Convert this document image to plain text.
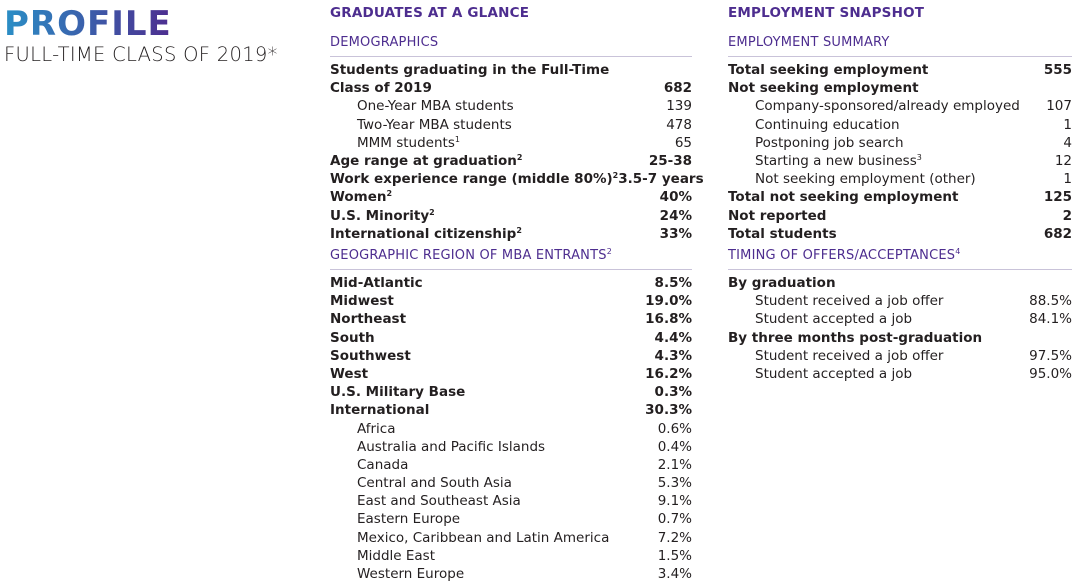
PROFILE
FULL-TIME CLASS OF 2019*
GRADUATES AT A GLANCE
DEMOGRAPHICS
Students graduating in the Full-Time
Class of 2019	682
One-Year MBA students	139
Two-Year MBA students	478
MMM students$^1$	65
Age range at graduation$^2$	25-38
Work experience range (middle 80%)$^2$ 3.5-7 years
Women$^2$	40%
U.S. Minority$^2$	24%
International citizenship$^2$	33%
GEOGRAPHIC REGION OF MBA ENTRANTS$^2$
Mid-Atlantic	8.5%
Midwest	19.0%
Northeast	16.8%
South	4.4%
Southwest	4.3%
West	16.2%
U.S. Military Base	0.3%
International	30.3%
Africa	0.6%
Australia and Pacific Islands	0.4%
Canada	2.1%
Central and South Asia	5.3%
East and Southeast Asia	9.1%
Eastern Europe	0.7%
Mexico, Caribbean and Latin America	7.2%
Middle East	1.5%
Western Europe	3.4%
EMPLOYMENT SNAPSHOT
EMPLOYMENT SUMMARY
Total seeking employment	555
Not seeking employment
Company-sponsored/already employed 107
Continuing education	1
Postponing job search	4
Starting a new business$^3$	12
Not seeking employment (other)	1
Total not seeking employment	125
Not reported	2
Total students	682
TIMING OF OFFERS/ACCEPTANCES$^4$
By graduation
Student received a job offer	88.5%
Student accepted a job	84.1%
By three months post-graduation
Student received a job offer	97.5%
Student accepted a job	95.0%
